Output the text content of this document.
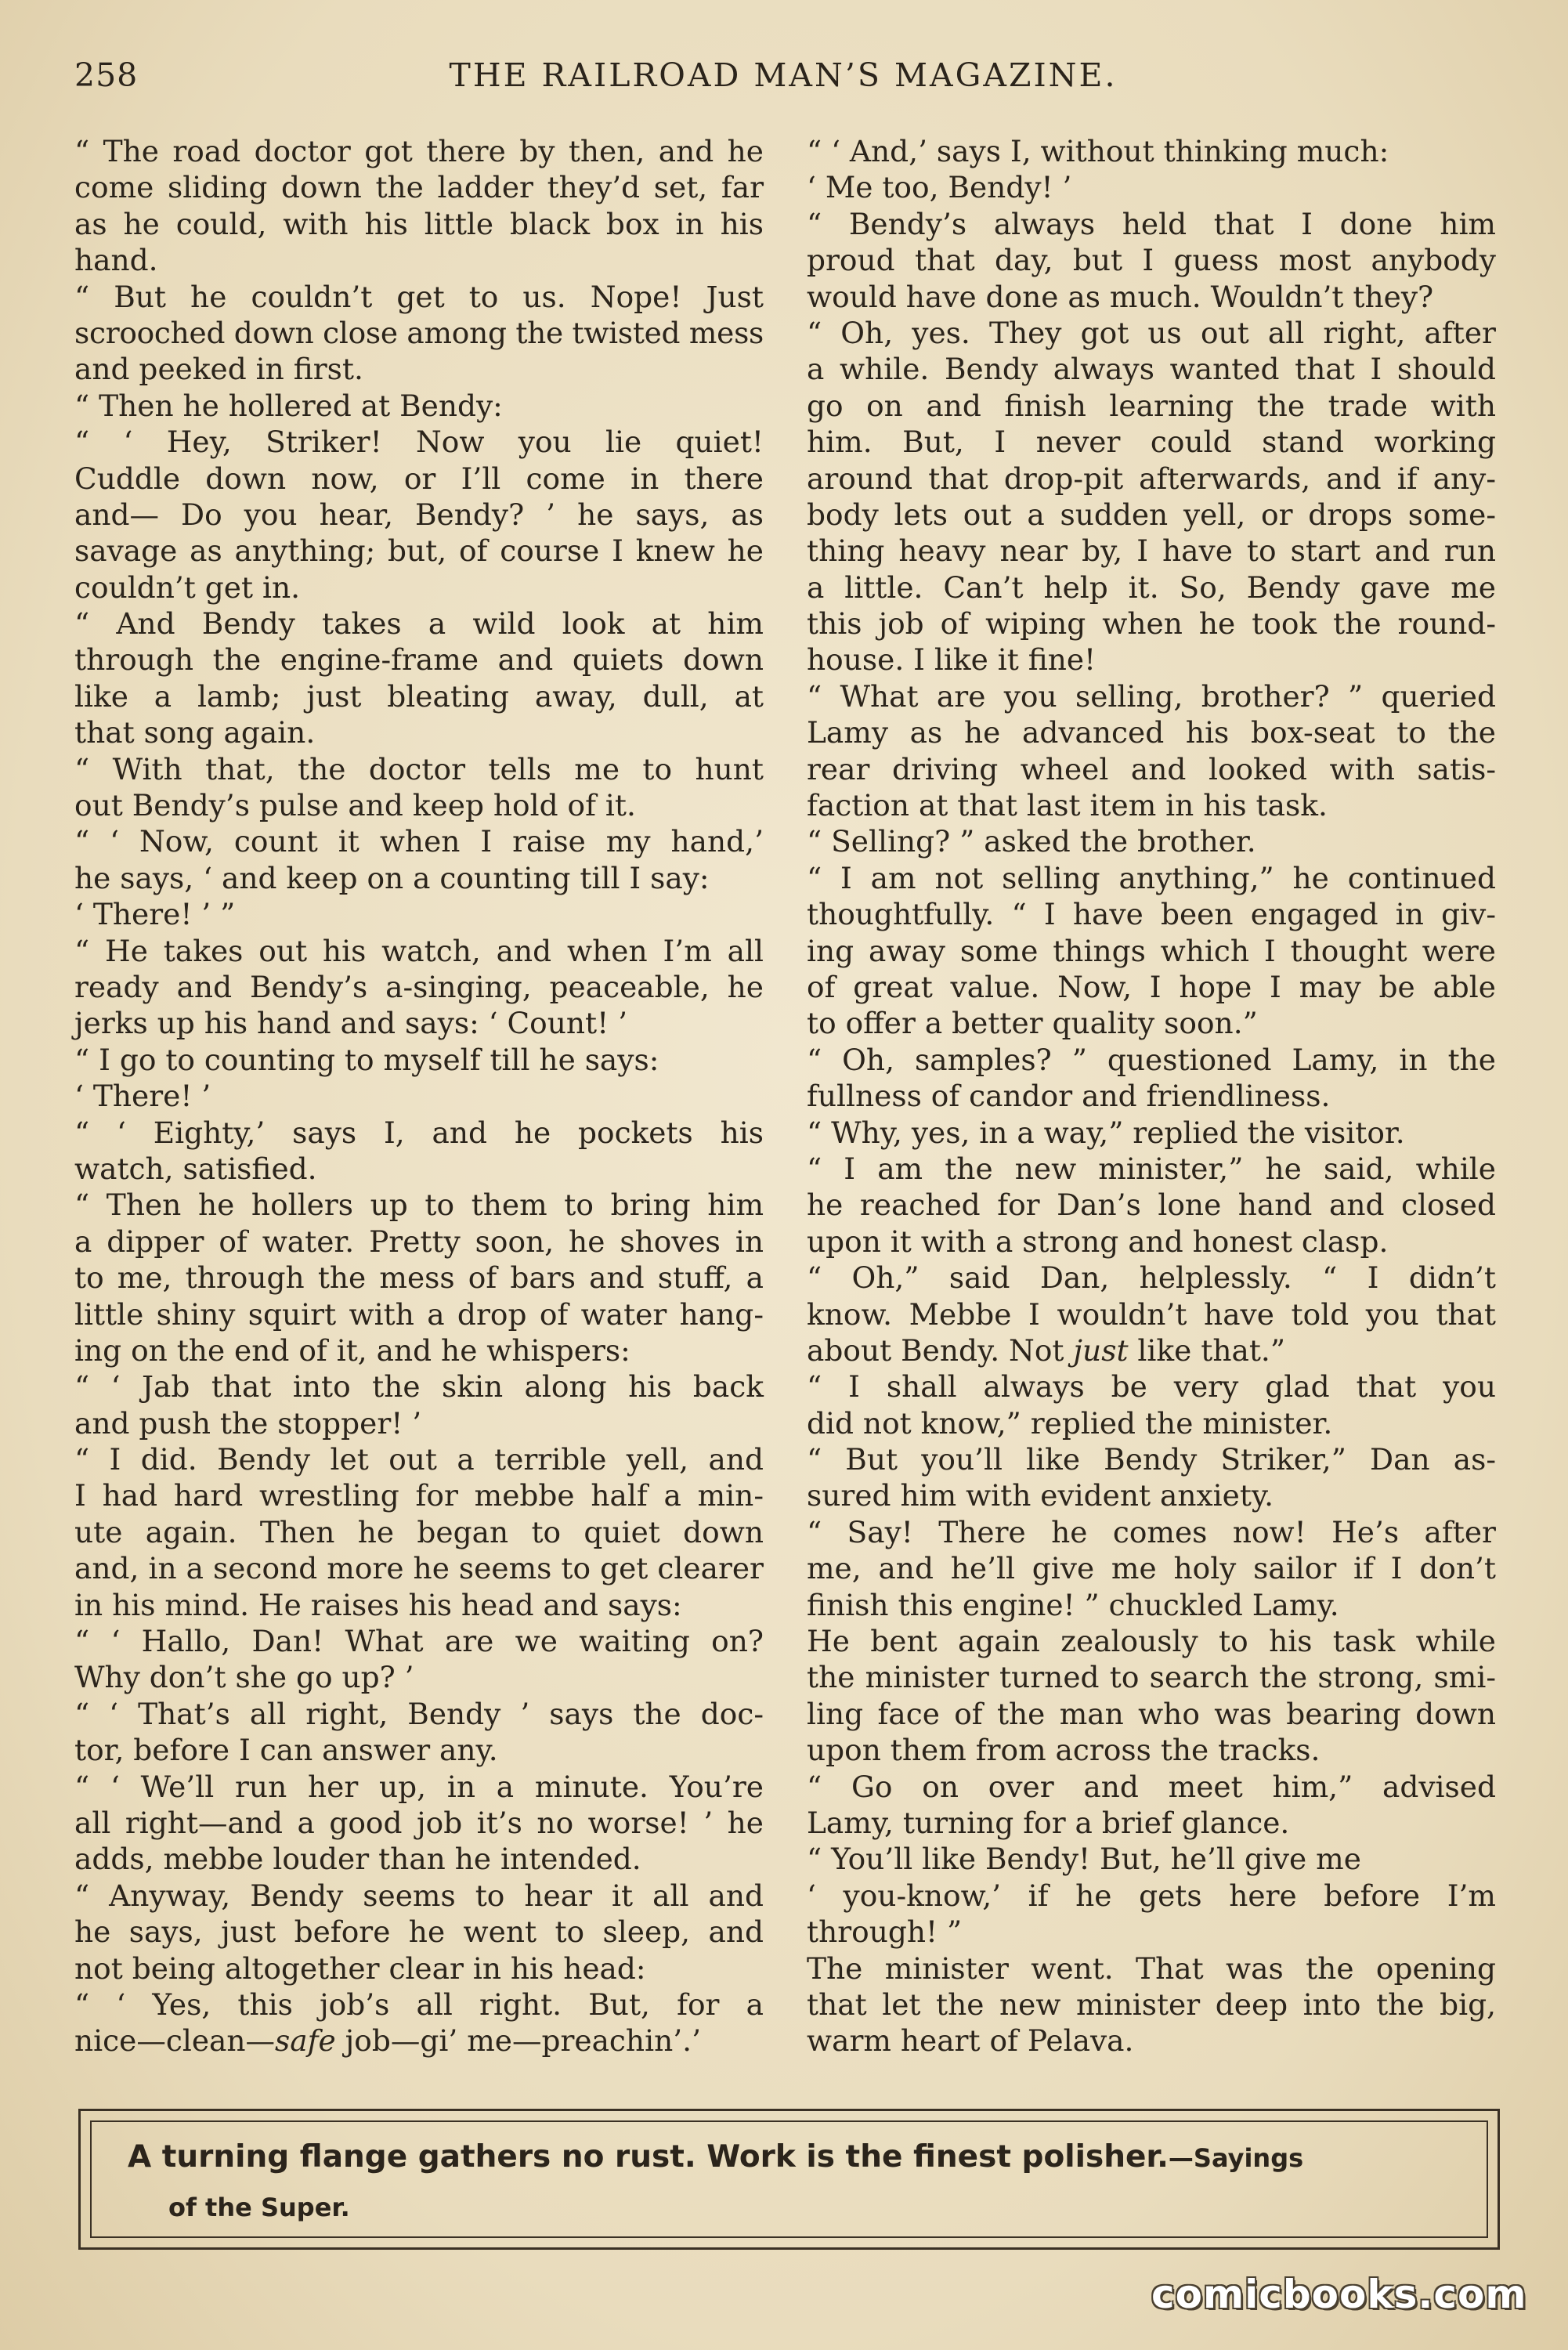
258	THE RAILROAD MAN’S MAGAZINE.
“ The road doctor got there by then, and he
come sliding down the ladder they’d set, far
as he could, with his little black box in his
hand.
“ But he couldn’t get to us. Nope! Just
scrooched down close among the twisted mess
and peeked in first.
“ Then he hollered at Bendy:
“ ‘ Hey, Striker! Now you lie quiet!
Cuddle down now, or I’ll come in there
and— Do you hear, Bendy? ’ he says, as
savage as anything; but, of course I knew he
couldn’t get in.
“ And Bendy takes a wild look at him
through the engine-frame and quiets down
like a lamb; just bleating away, dull, at
that song again.
“ With that, the doctor tells me to hunt
out Bendy’s pulse and keep hold of it.
“ ‘ Now, count it when I raise my hand,’
he says, ‘ and keep on a counting till I say:
‘ There! ’ ”
“ He takes out his watch, and when I’m all
ready and Bendy’s a-singing, peaceable, he
jerks up his hand and says: ‘ Count! ’
“ I go to counting to myself till he says:
‘ There! ’
“ ‘ Eighty,’ says I, and he pockets his
watch, satisfied.
“ Then he hollers up to them to bring him
a dipper of water. Pretty soon, he shoves in
to me, through the mess of bars and stuff, a
little shiny squirt with a drop of water hang-
ing on the end of it, and he whispers:
“ ‘ Jab that into the skin along his back
and push the stopper! ’
“ I did. Bendy let out a terrible yell, and
I had hard wrestling for mebbe half a min-
ute again. Then he began to quiet down
and, in a second more he seems to get clearer
in his mind. He raises his head and says:
“ ‘ Hallo, Dan! What are we waiting on?
Why don’t she go up? ’
“ ‘ That’s all right, Bendy ’ says the doc-
tor, before I can answer any.
“ ‘ We’ll run her up, in a minute. You’re
all right—and a good job it’s no worse! ’ he
adds, mebbe louder than he intended.
“ Anyway, Bendy seems to hear it all and
he says, just before he went to sleep, and
not being altogether clear in his head:
“ ‘ Yes, this job’s all right. But, for a
nice—clean—safe job—gi’ me—preachin’.’
“ ‘ And,’ says I, without thinking much:
‘ Me too, Bendy! ’
“ Bendy’s always held that I done him
proud that day, but I guess most anybody
would have done as much. Wouldn’t they?
“ Oh, yes. They got us out all right, after
a while. Bendy always wanted that I should
go on and finish learning the trade with
him. But, I never could stand working
around that drop-pit afterwards, and if any-
body lets out a sudden yell, or drops some-
thing heavy near by, I have to start and run
a little. Can’t help it. So, Bendy gave me
this job of wiping when he took the round-
house. I like it fine!
“ What are you selling, brother? ” queried
Lamy as he advanced his box-seat to the
rear driving wheel and looked with satis-
faction at that last item in his task.
“ Selling? ” asked the brother.
“ I am not selling anything,” he continued
thoughtfully. “ I have been engaged in giv-
ing away some things which I thought were
of great value. Now, I hope I may be able
to offer a better quality soon.”
“ Oh, samples? ” questioned Lamy, in the
fullness of candor and friendliness.
“ Why, yes, in a way,” replied the visitor.
“ I am the new minister,” he said, while
he reached for Dan’s lone hand and closed
upon it with a strong and honest clasp.
“ Oh,” said Dan, helplessly. “ I didn’t
know. Mebbe I wouldn’t have told you that
about Bendy. Not just like that.”
“ I shall always be very glad that you
did not know,” replied the minister.
“ But you’ll like Bendy Striker,” Dan as-
sured him with evident anxiety.
“ Say! There he comes now! He’s after
me, and he’ll give me holy sailor if I don’t
finish this engine! ” chuckled Lamy.
He bent again zealously to his task while
the minister turned to search the strong, smi-
ling face of the man who was bearing down
upon them from across the tracks.
“ Go on over and meet him,” advised
Lamy, turning for a brief glance.
“ You’ll like Bendy! But, he’ll give me
‘ you-know,’ if he gets here before I’m
through! ”
The minister went. That was the opening
that let the new minister deep into the big,
warm heart of Pelava.
A turning flange gathers no rust. Work is the finest polisher.—Sayings
of the Super.
comicbooks.com
